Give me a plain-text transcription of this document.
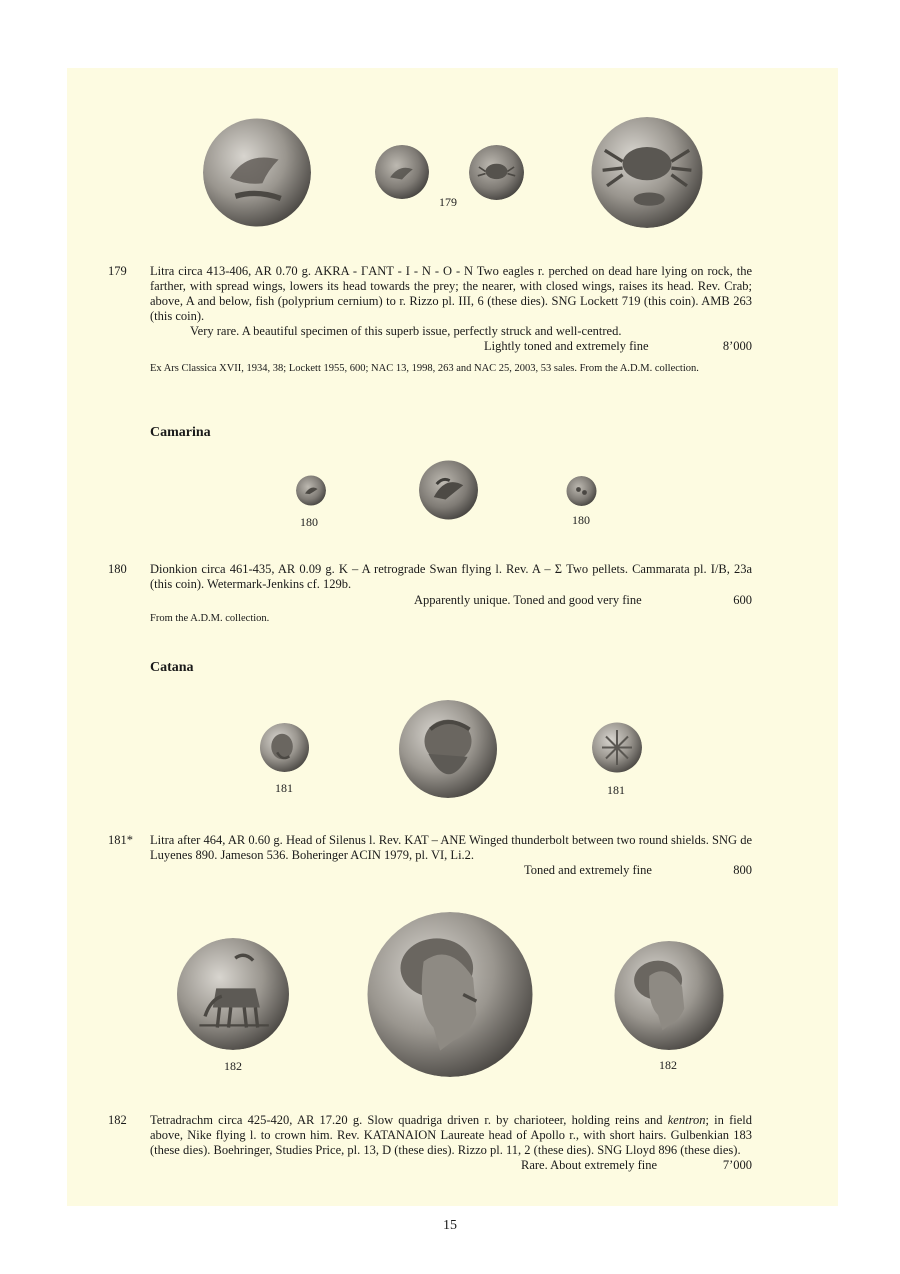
179
179 Litra circa 413-406, AR 0.70 g. AKRA - ΓANT - I - N - O - N Two eagles r. perched on dead hare lying on rock, the farther, with spread wings, lowers its head towards the prey; the nearer, with closed wings, raises its head. Rev. Crab; above, A and below, fish (polyprium cernium) to r. Rizzo pl. III, 6 (these dies). SNG Lockett 719 (this coin). AMB 263 (this coin).
Very rare. A beautiful specimen of this superb issue, perfectly struck and well-centred.
Lightly toned and extremely fine	8’000
Ex Ars Classica XVII, 1934, 38; Lockett 1955, 600; NAC 13, 1998, 263 and NAC 25, 2003, 53 sales. From the A.D.M. collection.
Camarina
180	180
180 Dionkion circa 461-435, AR 0.09 g. K – A retrograde Swan flying l. Rev. A – Σ Two pellets. Cammarata pl. I/B, 23a (this coin). Wetermark-Jenkins cf. 129b.
Apparently unique. Toned and good very fine	600
From the A.D.M. collection.
Catana
181	181
181* Litra after 464, AR 0.60 g. Head of Silenus l. Rev. KAT – ANE Winged thunderbolt between two round shields. SNG de Luyenes 890. Jameson 536. Boheringer ACIN 1979, pl. VI, Li.2.
Toned and extremely fine	800
182	182
182 Tetradrachm circa 425-420, AR 17.20 g. Slow quadriga driven r. by charioteer, holding reins and kentron; in field above, Nike flying l. to crown him. Rev. KATANAION Laureate head of Apollo r., with short hairs. Gulbenkian 183 (these dies). Boehringer, Studies Price, pl. 13, D (these dies). Rizzo pl. 11, 2 (these dies). SNG Lloyd 896 (these dies).
Rare. About extremely fine	7’000
15
